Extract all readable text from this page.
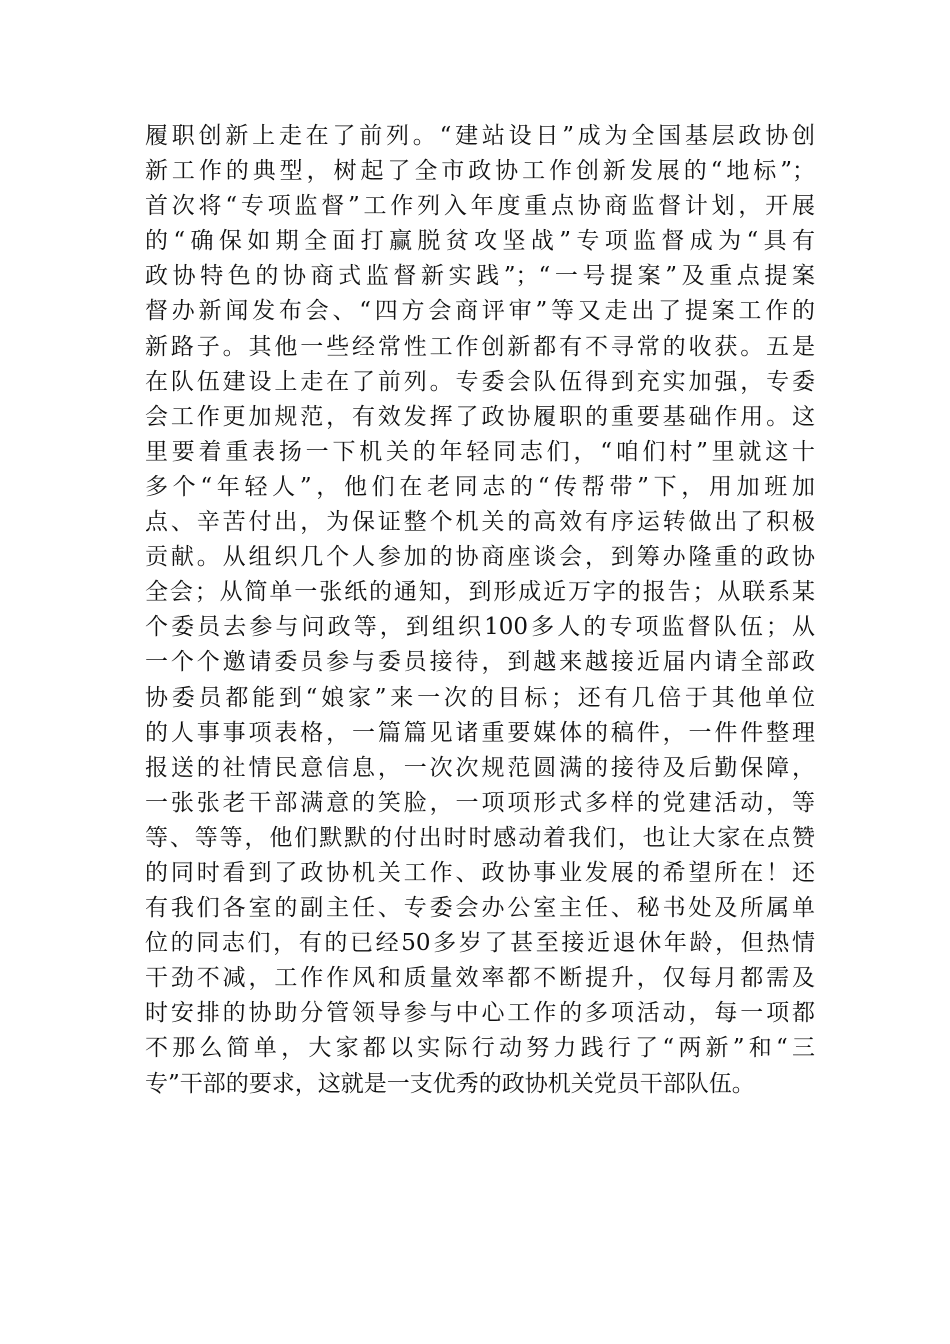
履职创新上走在了前列。“建站设日”成为全国基层政协创
新工作的典型，树起了全市政协工作创新发展的“地标”；
首次将“专项监督”工作列入年度重点协商监督计划，开展
的“确保如期全面打赢脱贫攻坚战”专项监督成为“具有
政协特色的协商式监督新实践”；“一号提案”及重点提案
督办新闻发布会、“四方会商评审”等又走出了提案工作的
新路子。其他一些经常性工作创新都有不寻常的收获。五是
在队伍建设上走在了前列。专委会队伍得到充实加强，专委
会工作更加规范，有效发挥了政协履职的重要基础作用。这
里要着重表扬一下机关的年轻同志们，“咱们村”里就这十
多个“年轻人”，他们在老同志的“传帮带”下，用加班加
点、辛苦付出，为保证整个机关的高效有序运转做出了积极
贡献。从组织几个人参加的协商座谈会，到筹办隆重的政协
全会；从简单一张纸的通知，到形成近万字的报告；从联系某
个委员去参与问政等，到组织100多人的专项监督队伍；从
一个个邀请委员参与委员接待，到越来越接近届内请全部政
协委员都能到“娘家”来一次的目标；还有几倍于其他单位
的人事事项表格，一篇篇见诸重要媒体的稿件，一件件整理
报送的社情民意信息，一次次规范圆满的接待及后勤保障，
一张张老干部满意的笑脸，一项项形式多样的党建活动，等
等、等等，他们默默的付出时时感动着我们，也让大家在点赞
的同时看到了政协机关工作、政协事业发展的希望所在！还
有我们各室的副主任、专委会办公室主任、秘书处及所属单
位的同志们，有的已经50多岁了甚至接近退休年龄，但热情
干劲不减，工作作风和质量效率都不断提升，仅每月都需及
时安排的协助分管领导参与中心工作的多项活动，每一项都
不那么简单，大家都以实际行动努力践行了“两新”和“三
专”干部的要求，这就是一支优秀的政协机关党员干部队伍。
